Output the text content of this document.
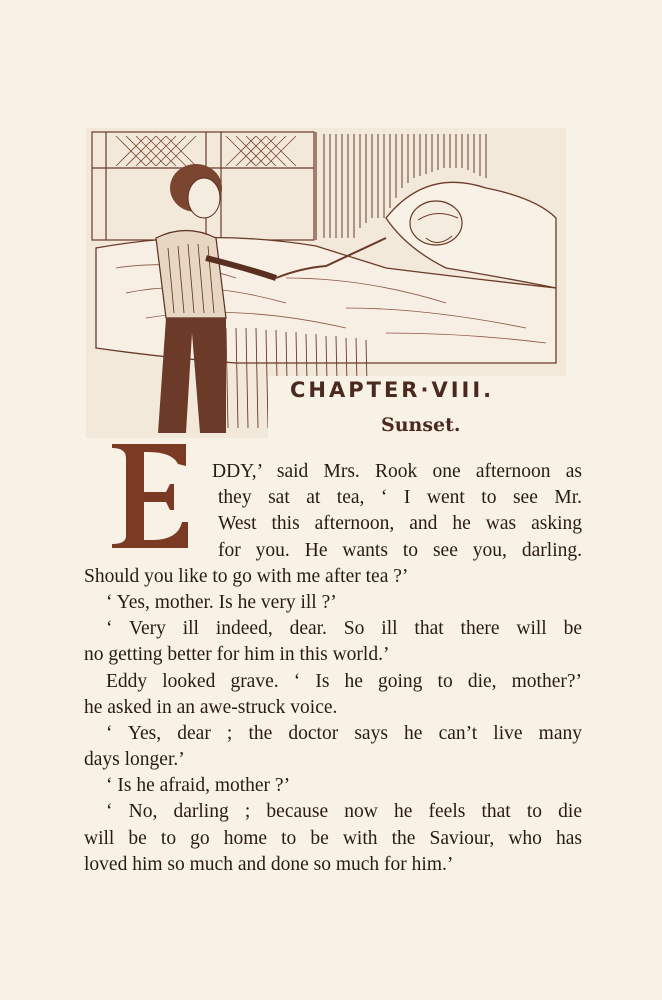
CHAPTER·VIII.
Sunset.
DDY,’ said Mrs. Rook one afternoon as
they sat at tea, ‘ I went to see Mr.
West this afternoon, and he was asking
for you. He wants to see you, darling.
Should you like to go with me after tea ?’
‘ Yes, mother. Is he very ill ?’
‘ Very ill indeed, dear. So ill that there will be
no getting better for him in this world.’
Eddy looked grave. ‘ Is he going to die, mother?’
he asked in an awe-struck voice.
‘ Yes, dear ; the doctor says he can’t live many
days longer.’
‘ Is he afraid, mother ?’
‘ No, darling ; because now he feels that to die
will be to go home to be with the Saviour, who has
loved him so much and done so much for him.’
